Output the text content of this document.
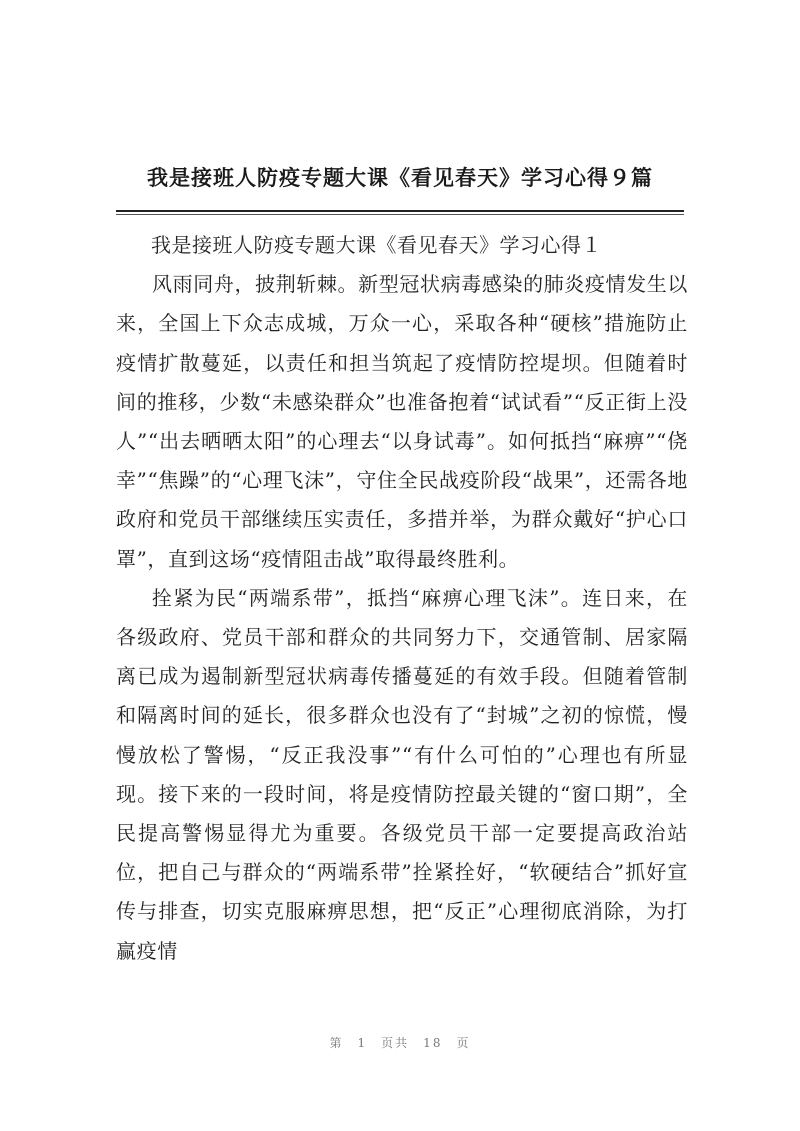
我是接班人防疫专题大课《看见春天》学习心得９篇

我是接班人防疫专题大课《看见春天》学习心得１

风雨同舟，披荆斩棘。新型冠状病毒感染的肺炎疫情发生以来，全国上下众志成城，万众一心，采取各种“硬核”措施防止疫情扩散蔓延，以责任和担当筑起了疫情防控堤坝。但随着时间的推移，少数“未感染群众”也准备抱着“试试看”“反正街上没人”“出去晒晒太阳”的心理去“以身试毒”。如何抵挡“麻痹”“侥幸”“焦躁”的“心理飞沫”，守住全民战疫阶段“战果”，还需各地政府和党员干部继续压实责任，多措并举，为群众戴好“护心口罩”，直到这场“疫情阻击战”取得最终胜利。

拴紧为民“两端系带”，抵挡“麻痹心理飞沫”。连日来，在各级政府、党员干部和群众的共同努力下，交通管制、居家隔离已成为遏制新型冠状病毒传播蔓延的有效手段。但随着管制和隔离时间的延长，很多群众也没有了“封城”之初的惊慌，慢慢放松了警惕，“反正我没事”“有什么可怕的”心理也有所显现。接下来的一段时间，将是疫情防控最关键的“窗口期”，全民提高警惕显得尤为重要。各级党员干部一定要提高政治站位，把自己与群众的“两端系带”拴紧拴好，“软硬结合”抓好宣传与排查，切实克服麻痹思想，把“反正”心理彻底消除，为打赢疫情

第　1　页共　18　页
